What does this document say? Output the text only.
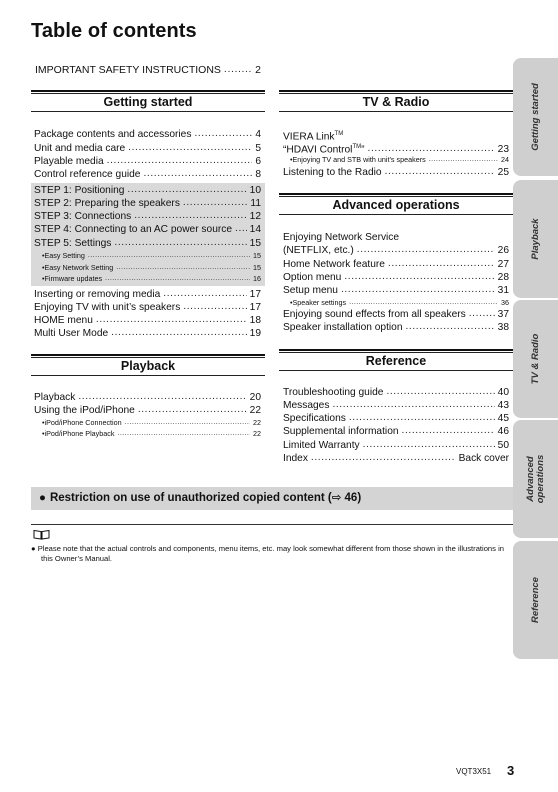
Table of contents
IMPORTANT SAFETY INSTRUCTIONS .....	2
Getting started
Package contents and accessories .....	4
Unit and media care .....	5
Playable media .....	6
Control reference guide .....	8
STEP 1: Positioning .....	10
STEP 2: Preparing the speakers .....	11
STEP 3: Connections .....	12
STEP 4: Connecting to an AC power source ..... 14
STEP 5: Settings .....	15
•Easy Setting .....	15
•Easy Network Setting .....	15
•Firmware updates .....	16
Inserting or removing media .....	17
Enjoying TV with unit’s speakers .....	17
HOME menu .....	18
Multi User Mode .....	19
Playback
Playback .....	20
Using the iPod/iPhone .....	22
•iPod/iPhone Connection .....	22
•iPod/iPhone Playback .....	22
TV & Radio
VIERA Link™
“HDAVI Control™” .....	23
•Enjoying TV and STB with unit’s speakers .....	24
Listening to the Radio .....	25
Advanced operations
Enjoying Network Service
(NETFLIX, etc.) .....	26
Home Network feature .....	27
Option menu .....	28
Setup menu .....	31
•Speaker settings .....	36
Enjoying sound effects from all speakers .....	37
Speaker installation option .....	38
Reference
Troubleshooting guide .....	40
Messages .....	43
Specifications .....	45
Supplemental information .....	46
Limited Warranty .....	50
Index .....	Back cover
● Restriction on use of unauthorized copied content (⇨ 46)
● Please note that the actual controls and components, menu items, etc. may look somewhat different from those shown in the illustrations in this Owner’s Manual.
VQT3X51 3
Getting started
Playback
TV & Radio
Advanced
operations
Reference
